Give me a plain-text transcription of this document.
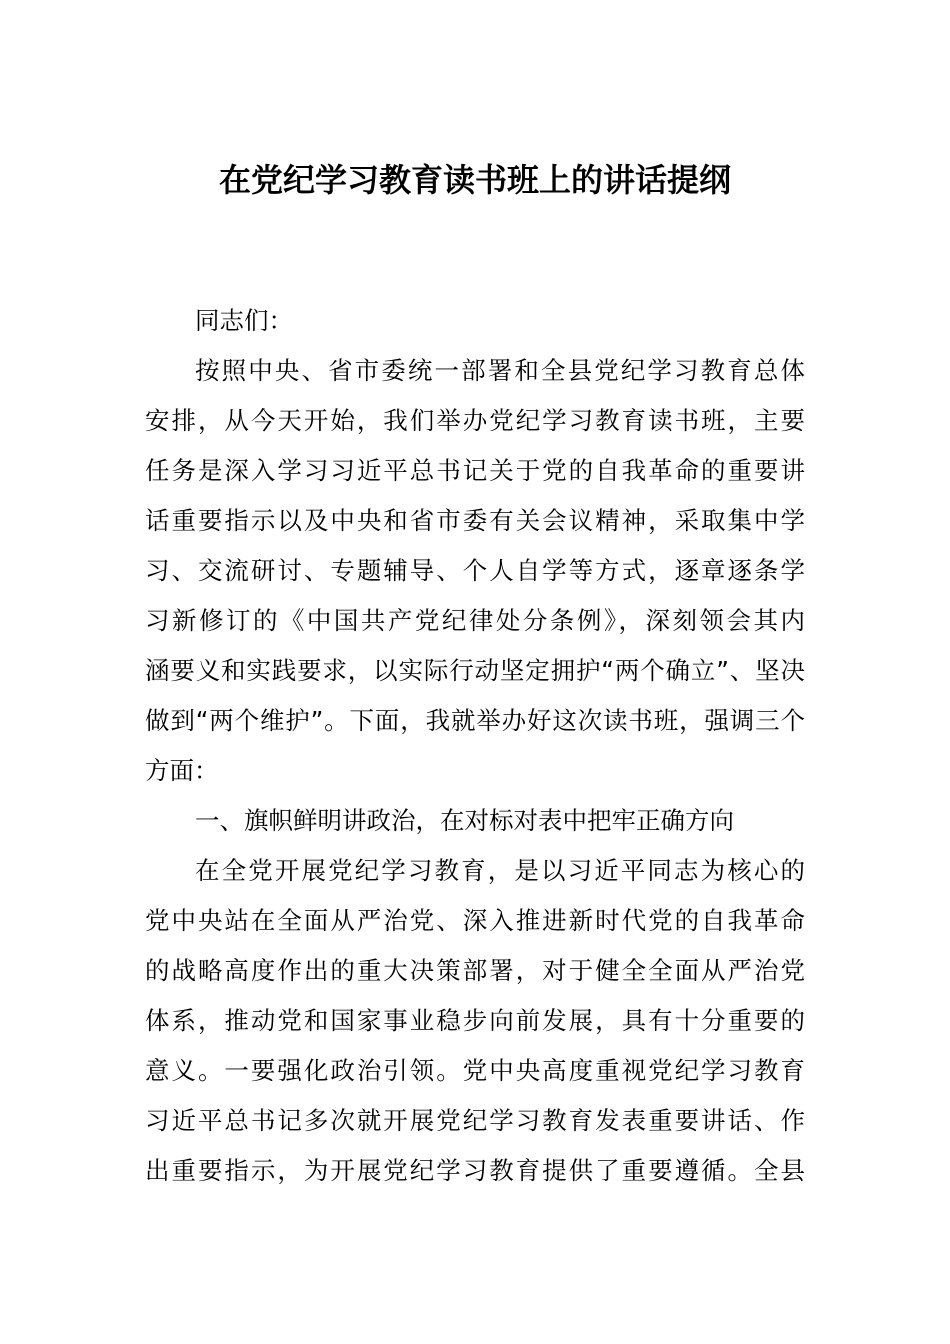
在党纪学习教育读书班上的讲话提纲
同志们：
按照中央、省市委统一部署和全县党纪学习教育总体
安排，从今天开始，我们举办党纪学习教育读书班，主要
任务是深入学习习近平总书记关于党的自我革命的重要讲
话重要指示以及中央和省市委有关会议精神，采取集中学
习、交流研讨、专题辅导、个人自学等方式，逐章逐条学
习新修订的《中国共产党纪律处分条例》，深刻领会其内
涵要义和实践要求，以实际行动坚定拥护“两个确立”、坚决
做到“两个维护”。下面，我就举办好这次读书班，强调三个
方面：
一、旗帜鲜明讲政治，在对标对表中把牢正确方向
在全党开展党纪学习教育，是以习近平同志为核心的
党中央站在全面从严治党、深入推进新时代党的自我革命
的战略高度作出的重大决策部署，对于健全全面从严治党
体系，推动党和国家事业稳步向前发展，具有十分重要的
意义。一要强化政治引领。党中央高度重视党纪学习教育
习近平总书记多次就开展党纪学习教育发表重要讲话、作
出重要指示，为开展党纪学习教育提供了重要遵循。全县
